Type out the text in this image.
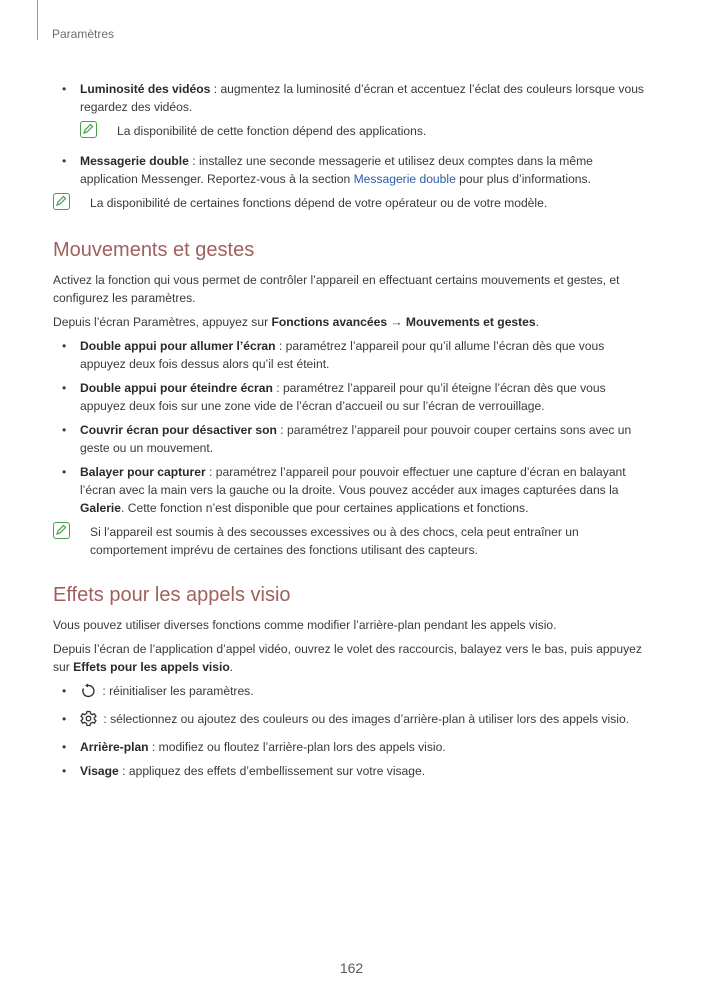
Paramètres
• Luminosité des vidéos : augmentez la luminosité d’écran et accentuez l’éclat des couleurs lorsque vous regardez des vidéos.
La disponibilité de cette fonction dépend des applications.
• Messagerie double : installez une seconde messagerie et utilisez deux comptes dans la même application Messenger. Reportez-vous à la section Messagerie double pour plus d’informations.
La disponibilité de certaines fonctions dépend de votre opérateur ou de votre modèle.
Mouvements et gestes

Activez la fonction qui vous permet de contrôler l’appareil en effectuant certains mouvements et gestes, et configurez les paramètres.

Depuis l’écran Paramètres, appuyez sur Fonctions avancées → Mouvements et gestes.

• Double appui pour allumer l’écran : paramétrez l’appareil pour qu’il allume l’écran dès que vous appuyez deux fois dessus alors qu’il est éteint.
• Double appui pour éteindre écran : paramétrez l’appareil pour qu’il éteigne l’écran dès que vous appuyez deux fois sur une zone vide de l’écran d’accueil ou sur l’écran de verrouillage.
• Couvrir écran pour désactiver son : paramétrez l’appareil pour pouvoir couper certains sons avec un geste ou un mouvement.
• Balayer pour capturer : paramétrez l’appareil pour pouvoir effectuer une capture d’écran en balayant l’écran avec la main vers la gauche ou la droite. Vous pouvez accéder aux images capturées dans la Galerie. Cette fonction n’est disponible que pour certaines applications et fonctions.
Si l’appareil est soumis à des secousses excessives ou à des chocs, cela peut entraîner un comportement imprévu de certaines des fonctions utilisant des capteurs.
Effets pour les appels visio

Vous pouvez utiliser diverses fonctions comme modifier l’arrière-plan pendant les appels visio.

Depuis l’écran de l’application d’appel vidéo, ouvrez le volet des raccourcis, balayez vers le bas, puis appuyez sur Effets pour les appels visio.

• : réinitialiser les paramètres.
• : sélectionnez ou ajoutez des couleurs ou des images d’arrière-plan à utiliser lors des appels visio.
• Arrière-plan : modifiez ou floutez l’arrière-plan lors des appels visio.
• Visage : appliquez des effets d’embellissement sur votre visage.
162
